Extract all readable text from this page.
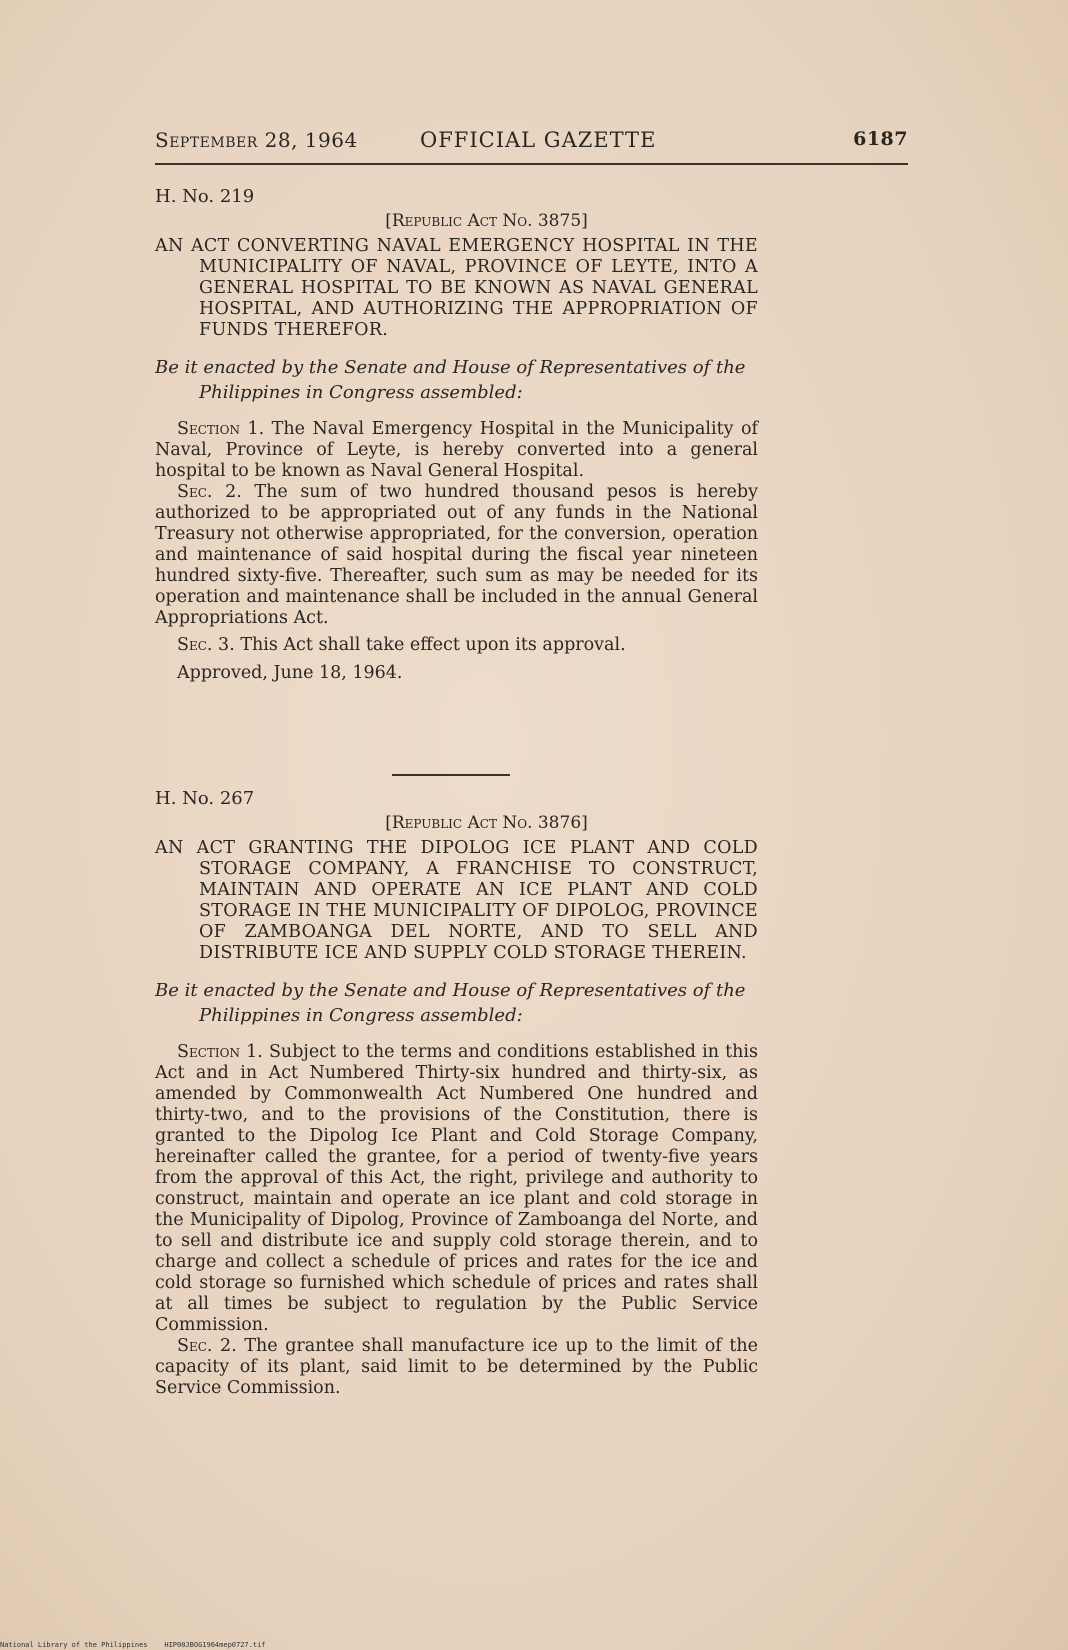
September 28, 1964	OFFICIAL GAZETTE	6187

H. No. 219

[Republic Act No. 3875]

AN ACT CONVERTING NAVAL EMERGENCY HOSPITAL IN THE MUNICIPALITY OF NAVAL, PROVINCE OF LEYTE, INTO A GENERAL HOSPITAL TO BE KNOWN AS NAVAL GENERAL HOSPITAL, AND AUTHORIZING THE APPROPRIATION OF FUNDS THEREFOR.

Be it enacted by the Senate and House of Representatives of the Philippines in Congress assembled:

Section 1. The Naval Emergency Hospital in the Municipality of Naval, Province of Leyte, is hereby converted into a general hospital to be known as Naval General Hospital.

Sec. 2. The sum of two hundred thousand pesos is hereby authorized to be appropriated out of any funds in the National Treasury not otherwise appropriated, for the conversion, operation and maintenance of said hospital during the fiscal year nineteen hundred sixty-five. Thereafter, such sum as may be needed for its operation and maintenance shall be included in the annual General Appropriations Act.

Sec. 3. This Act shall take effect upon its approval.

Approved, June 18, 1964.

H. No. 267

[Republic Act No. 3876]

AN ACT GRANTING THE DIPOLOG ICE PLANT AND COLD STORAGE COMPANY, A FRANCHISE TO CONSTRUCT, MAINTAIN AND OPERATE AN ICE PLANT AND COLD STORAGE IN THE MUNICIPALITY OF DIPOLOG, PROVINCE OF ZAMBOANGA DEL NORTE, AND TO SELL AND DISTRIBUTE ICE AND SUPPLY COLD STORAGE THEREIN.

Be it enacted by the Senate and House of Representatives of the Philippines in Congress assembled:

Section 1. Subject to the terms and conditions established in this Act and in Act Numbered Thirty-six hundred and thirty-six, as amended by Commonwealth Act Numbered One hundred and thirty-two, and to the provisions of the Constitution, there is granted to the Dipolog Ice Plant and Cold Storage Company, hereinafter called the grantee, for a period of twenty-five years from the approval of this Act, the right, privilege and authority to construct, maintain and operate an ice plant and cold storage in the Municipality of Dipolog, Province of Zamboanga del Norte, and to sell and distribute ice and supply cold storage therein, and to charge and collect a schedule of prices and rates for the ice and cold storage so furnished which schedule of prices and rates shall at all times be subject to regulation by the Public Service Commission.

Sec. 2. The grantee shall manufacture ice up to the limit of the capacity of its plant, said limit to be determined by the Public Service Commission.

National Library of the Philippines    HIP00JBOG1964mep0727.tif
